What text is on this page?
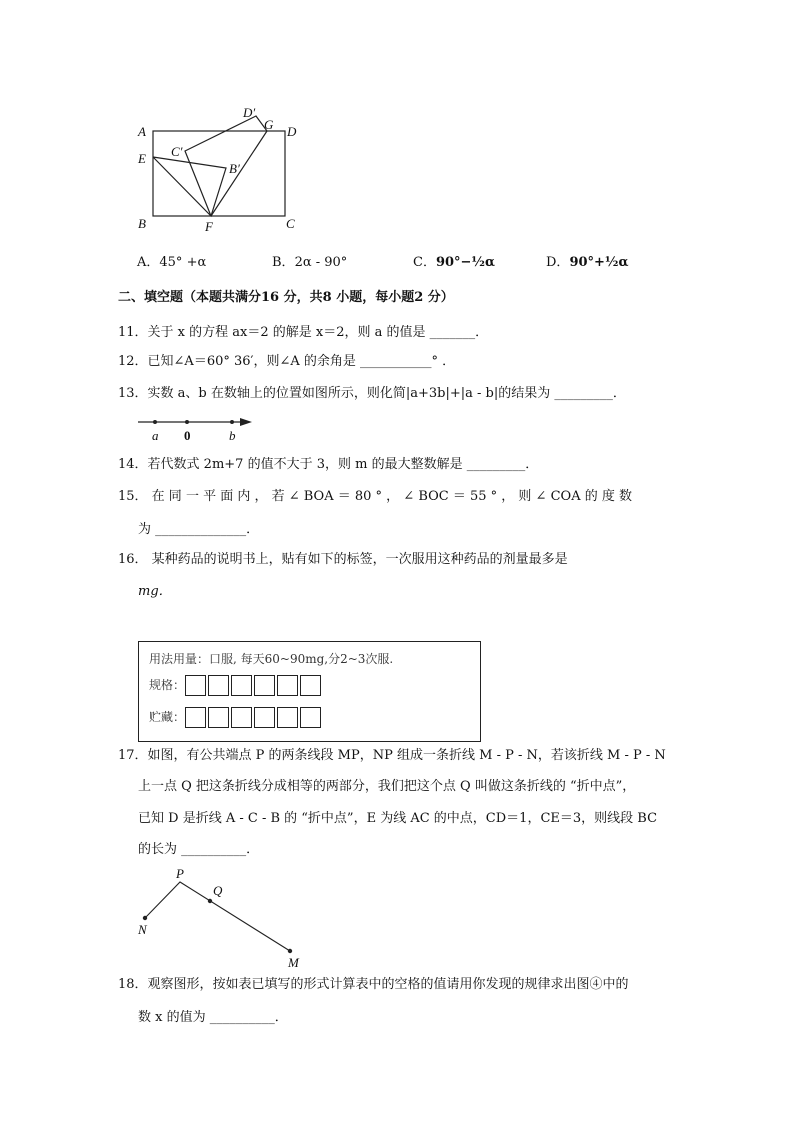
A
D′
G D
E C′
B′
B	F	C
A．45° +α	B．2α - 90°	C．90°−½α	D．90°+½α
二、填空题（本题共满分16 分，共8 小题，每小题2 分）
11．关于 x 的方程 ax＝2 的解是 x＝2，则 a 的值是 _______．
12．已知∠A＝60° 36′，则∠A 的余角是 ___________° ．
13．实数 a、b 在数轴上的位置如图所示，则化简|a+3b|+|a - b|的结果为 _________．
a 0	b
14．若代数式 2m+7 的值不大于 3，则 m 的最大整数解是 _________．
15． 在 同 一 平 面 内 ， 若 ∠ BOA ＝ 80 ° ， ∠ BOC ＝ 55 ° ， 则 ∠ COA 的 度 数
为 ______________．
16． 某种药品的说明书上，贴有如下的标签，一次服用这种药品的剂量最多是
mg．
用法用量：口服, 每天60~90mg,分2~3次服.
规格：
贮藏：
17．如图，有公共端点 P 的两条线段 MP，NP 组成一条折线 M - P - N，若该折线 M - P - N
上一点 Q 把这条折线分成相等的两部分，我们把这个点 Q 叫做这条折线的 “折中点”，
已知 D 是折线 A - C - B 的 “折中点”，E 为线 AC 的中点，CD＝1，CE＝3，则线段 BC
的长为 __________．
P
Q
N
M
18．观察图形，按如表已填写的形式计算表中的空格的值请用你发现的规律求出图④中的
数 x 的值为 __________．
